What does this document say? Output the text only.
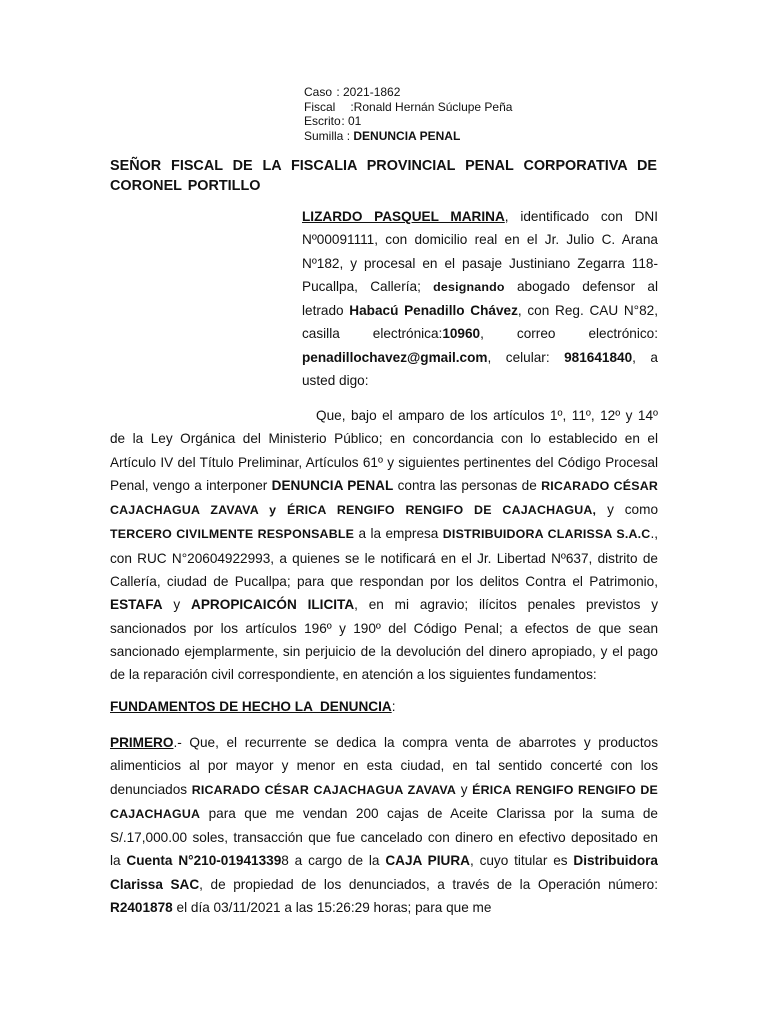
Caso : 2021-1862
Fiscal :Ronald Hernán Súclupe Peña
Escrito : 01
Sumilla : DENUNCIA PENAL
SEÑOR FISCAL DE LA FISCALIA PROVINCIAL PENAL CORPORATIVA DE CORONEL PORTILLO
LIZARDO PASQUEL MARINA, identificado con DNI Nº00091111, con domicilio real en el Jr. Julio C. Arana Nº182, y procesal en el pasaje Justiniano Zegarra 118-Pucallpa, Callería; designando abogado defensor al letrado Habacú Penadillo Chávez, con Reg. CAU N°82, casilla electrónica:10960, correo electrónico: penadillochavez@gmail.com, celular: 981641840, a usted digo:
Que, bajo el amparo de los artículos 1º, 11º, 12º y 14º de la Ley Orgánica del Ministerio Público; en concordancia con lo establecido en el Artículo IV del Título Preliminar, Artículos 61º y siguientes pertinentes del Código Procesal Penal, vengo a interponer DENUNCIA PENAL contra las personas de RICARADO CÉSAR CAJACHAGUA ZAVAVA y ÉRICA RENGIFO RENGIFO DE CAJACHAGUA, y como TERCERO CIVILMENTE RESPONSABLE a la empresa DISTRIBUIDORA CLARISSA S.A.C., con RUC N°20604922993, a quienes se le notificará en el Jr. Libertad Nº637, distrito de Callería, ciudad de Pucallpa; para que respondan por los delitos Contra el Patrimonio, ESTAFA y APROPICAICÓN ILICITA, en mi agravio; ilícitos penales previstos y sancionados por los artículos 196º y 190º del Código Penal; a efectos de que sean sancionado ejemplarmente, sin perjuicio de la devolución del dinero apropiado, y el pago de la reparación civil correspondiente, en atención a los siguientes fundamentos:
FUNDAMENTOS DE HECHO LA  DENUNCIA:
PRIMERO.- Que, el recurrente se dedica la compra venta de abarrotes y productos alimenticios al por mayor y menor en esta ciudad, en tal sentido concerté con los denunciados RICARADO CÉSAR CAJACHAGUA ZAVAVA y ÉRICA RENGIFO RENGIFO DE CAJACHAGUA para que me vendan 200 cajas de Aceite Clarissa por la suma de S/.17,000.00 soles, transacción que fue cancelado con dinero en efectivo depositado en  la Cuenta N°210-019413398 a cargo de la CAJA PIURA, cuyo titular es Distribuidora Clarissa SAC, de propiedad de los denunciados, a través de la Operación número: R2401878 el día 03/11/2021 a las 15:26:29 horas; para que me
